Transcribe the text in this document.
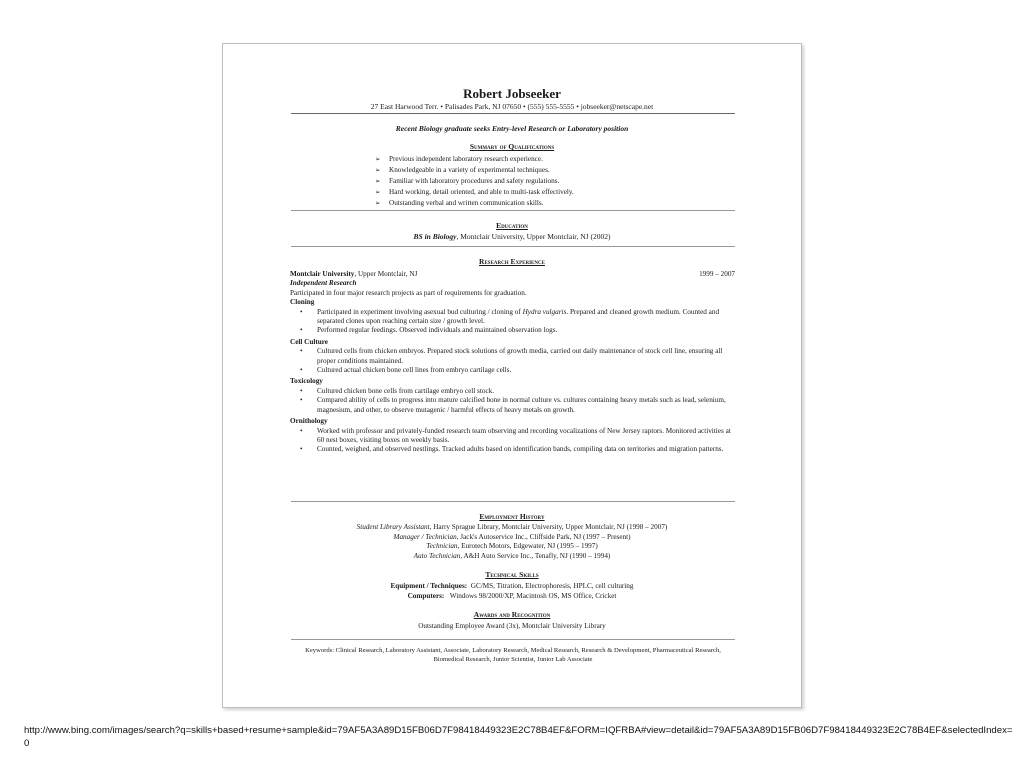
Robert Jobseeker
27 East Harwood Terr. • Palisades Park, NJ 07650 • (555) 555-5555 • jobseeker@netscape.net
Recent Biology graduate seeks Entry-level Research or Laboratory position
Summary of Qualifications
➢ Previous independent laboratory research experience.
➢ Knowledgeable in a variety of experimental techniques.
➢ Familiar with laboratory procedures and safety regulations.
➢ Hard working, detail oriented, and able to multi-task effectively.
➢ Outstanding verbal and written communication skills.
Education
BS in Biology, Montclair University, Upper Montclair, NJ (2002)
Research Experience
Montclair University, Upper Montclair, NJ	1999 – 2007
Independent Research
Participated in four major research projects as part of requirements for graduation.
Cloning
• Participated in experiment involving asexual bud culturing / cloning of Hydra vulgaris. Prepared and cleaned growth medium. Counted and separated clones upon reaching certain size / growth level.
• Performed regular feedings. Observed individuals and maintained observation logs.
Cell Culture
• Cultured cells from chicken embryos. Prepared stock solutions of growth media, carried out daily maintenance of stock cell line, ensuring all proper conditions maintained.
• Cultured actual chicken bone cell lines from embryo cartilage cells.
Toxicology
• Cultured chicken bone cells from cartilage embryo cell stock.
• Compared ability of cells to progress into mature calcified bone in normal culture vs. cultures containing heavy metals such as lead, selenium, magnesium, and other, to observe mutagenic / harmful effects of heavy metals on growth.
Ornithology
• Worked with professor and privately-funded research team observing and recording vocalizations of New Jersey raptors. Monitored activities at 60 nest boxes, visiting boxes on weekly basis.
• Counted, weighed, and observed nestlings. Tracked adults based on identification bands, compiling data on territories and migration patterns.
Employment History
Student Library Assistant, Harry Sprague Library, Montclair University, Upper Montclair, NJ (1998 – 2007)
Manager / Technician, Jack's Autoservice Inc., Cliffside Park, NJ (1997 – Present)
Technician, Eurotech Motors, Edgewater, NJ (1995 – 1997)
Auto Technician, A&H Auto Service Inc., Tenafly, NJ (1990 – 1994)
Technical Skills
Equipment / Techniques: GC/MS, Titration, Electrophoresis, HPLC, cell culturing
Computers: Windows 98/2000/XP, Macintosh OS, MS Office, Cricket
Awards and Recognition
Outstanding Employee Award (3x), Montclair University Library
Keywords: Clinical Research, Laboratory Assistant, Associate, Laboratory Research, Medical Research, Research & Development, Pharmaceutical Research, Biomedical Research, Junior Scientist, Junior Lab Associate
http://www.bing.com/images/search?q=skills+based+resume+sample&id=79AF5A3A89D15FB06D7F98418449323E2C78B4EF&FORM=IQFRBA#view=detail&id=79AF5A3A89D15FB06D7F98418449323E2C78B4EF&selectedIndex=0
